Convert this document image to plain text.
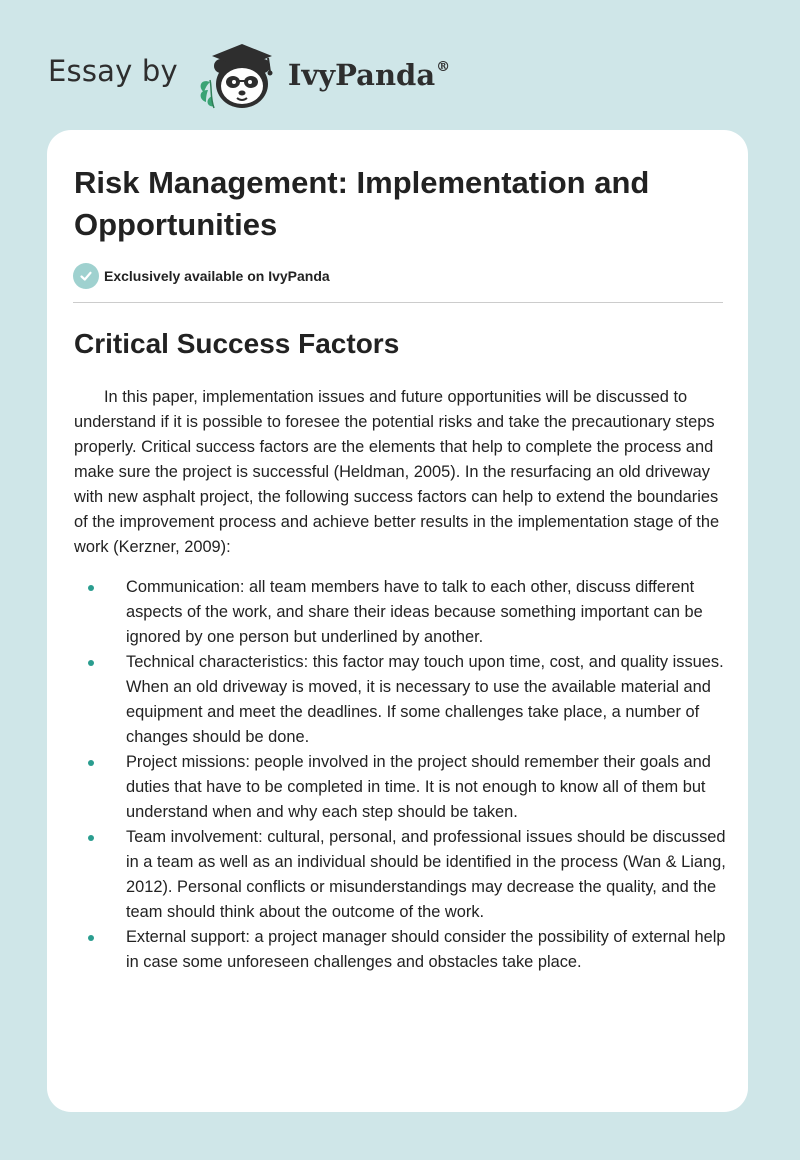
Essay by	IvyPanda®
Risk Management: Implementation and Opportunities
Exclusively available on IvyPanda
Critical Success Factors

In this paper, implementation issues and future opportunities will be discussed to understand if it is possible to foresee the potential risks and take the precautionary steps properly. Critical success factors are the elements that help to complete the process and make sure the project is successful (Heldman, 2005). In the resurfacing an old driveway with new asphalt project, the following success factors can help to extend the boundaries of the improvement process and achieve better results in the implementation stage of the work (Kerzner, 2009):

Communication: all team members have to talk to each other, discuss different aspects of the work, and share their ideas because something important can be ignored by one person but underlined by another.
Technical characteristics: this factor may touch upon time, cost, and quality issues. When an old driveway is moved, it is necessary to use the available material and equipment and meet the deadlines. If some challenges take place, a number of changes should be done.
Project missions: people involved in the project should remember their goals and duties that have to be completed in time. It is not enough to know all of them but understand when and why each step should be taken.
Team involvement: cultural, personal, and professional issues should be discussed in a team as well as an individual should be identified in the process (Wan & Liang, 2012). Personal conflicts or misunderstandings may decrease the quality, and the team should think about the outcome of the work.
External support: a project manager should consider the possibility of external help in case some unforeseen challenges and obstacles take place.
